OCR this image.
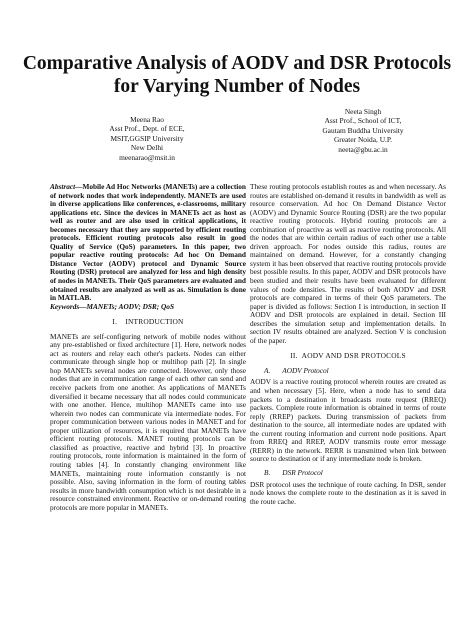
Comparative Analysis of AODV and DSR Protocols for Varying Number of Nodes
Meena Rao
Asst Prof., Dept. of ECE,
MSIT,GGSIP University
New Delhi
meenarao@msit.in
Neeta Singh
Asst Prof., School of ICT,
Gautam Buddha University
Greater Noida, U.P.
neeta@gbu.ac.in

Abstract—Mobile Ad Hoc Networks (MANETs) are a collection of network nodes that work independently. MANETs are used in diverse applications like conferences, e-classrooms, military applications etc. Since the devices in MANETs act as host as well as router and are also used in critical applications, it becomes necessary that they are supported by efficient routing protocols. Efficient routing protocols also result in good Quality of Service (QoS) parameters. In this paper, two popular reactive routing protocols: Ad hoc On Demand Distance Vector (AODV) protocol and Dynamic Source Routing (DSR) protocol are analyzed for less and high density of nodes in MANETs. Their QoS parameters are evaluated and obtained results are analyzed as well as as. Simulation is done in MATLAB.

Keywords—MANETs; AODV; DSR; QoS

I.    INTRODUCTION

MANETs are self-configuring network of mobile nodes without any pre-established or fixed architecture [1]. Here, network nodes act as routers and relay each other's packets. Nodes can either communicate through single hop or multihop path [2]. In single hop MANETs several nodes are connected. However, only those nodes that are in communication range of each other can send and receive packets from one another. As applications of MANETs diversified it became necessary that all nodes could communicate with one another. Hence, multihop MANETs came into use wherein two nodes can communicate via intermediate nodes. For proper communication between various nodes in MANET and for proper utilization of resources, it is required that MANETs have efficient routing protocols. MANET routing protocols can be classified as proactive, reactive and hybrid [3]. In proactive routing protocols, route information is maintained in the form of routing tables [4]. In constantly changing environment like MANETs, maintaining route information constantly is not possible. Also, saving information in the form of routing tables results in more bandwidth consumption which is not desirable in a resource constrained environment. Reactive or on-demand routing protocols are more popular in MANETs.

These routing protocols establish routes as and when necessary. As routes are established on-demand it results in bandwidth as well as resource conservation. Ad hoc On Demand Distance Vector (AODV) and Dynamic Source Routing (DSR) are the two popular reactive routing protocols. Hybrid routing protocols are a combination of proactive as well as reactive routing protocols. All the nodes that are within certain radius of each other use a table driven approach. For nodes outside this radius, routes are maintained on demand. However, for a constantly changing system it has been observed that reactive routing protocols provide best possible results. In this paper, AODV and DSR protocols have been studied and their results have been evaluated for different values of node densities. The results of both AODV and DSR protocols are compared in terms of their QoS parameters. The paper is divided as follows: Section I is introduction, in section II AODV and DSR protocols are explained in detail. Section III describes the simulation setup and implementation details. In section IV results obtained are analyzed. Section V is conclusion of the paper.

II.  AODV AND DSR PROTOCOLS
A. AODV Protocol

AODV is a reactive routing protocol wherein routes are created as and when necessary [5]. Here, when a node has to send data packets to a destination it broadcasts route request (RREQ) packets. Complete route information is obtained in terms of route reply (RREP) packets. During transmission of packets from destination to the source, all intermediate nodes are updated with the current routing information and current node positions. Apart from RREQ and RREP, AODV transmits route error message (RERR) in the network. RERR is transmitted when link between source to destination or if any intermediate node is broken.

B. DSR Protocol

DSR protocol uses the technique of route caching. In DSR, sender node knows the complete route to the destination as it is saved in the route cache.
